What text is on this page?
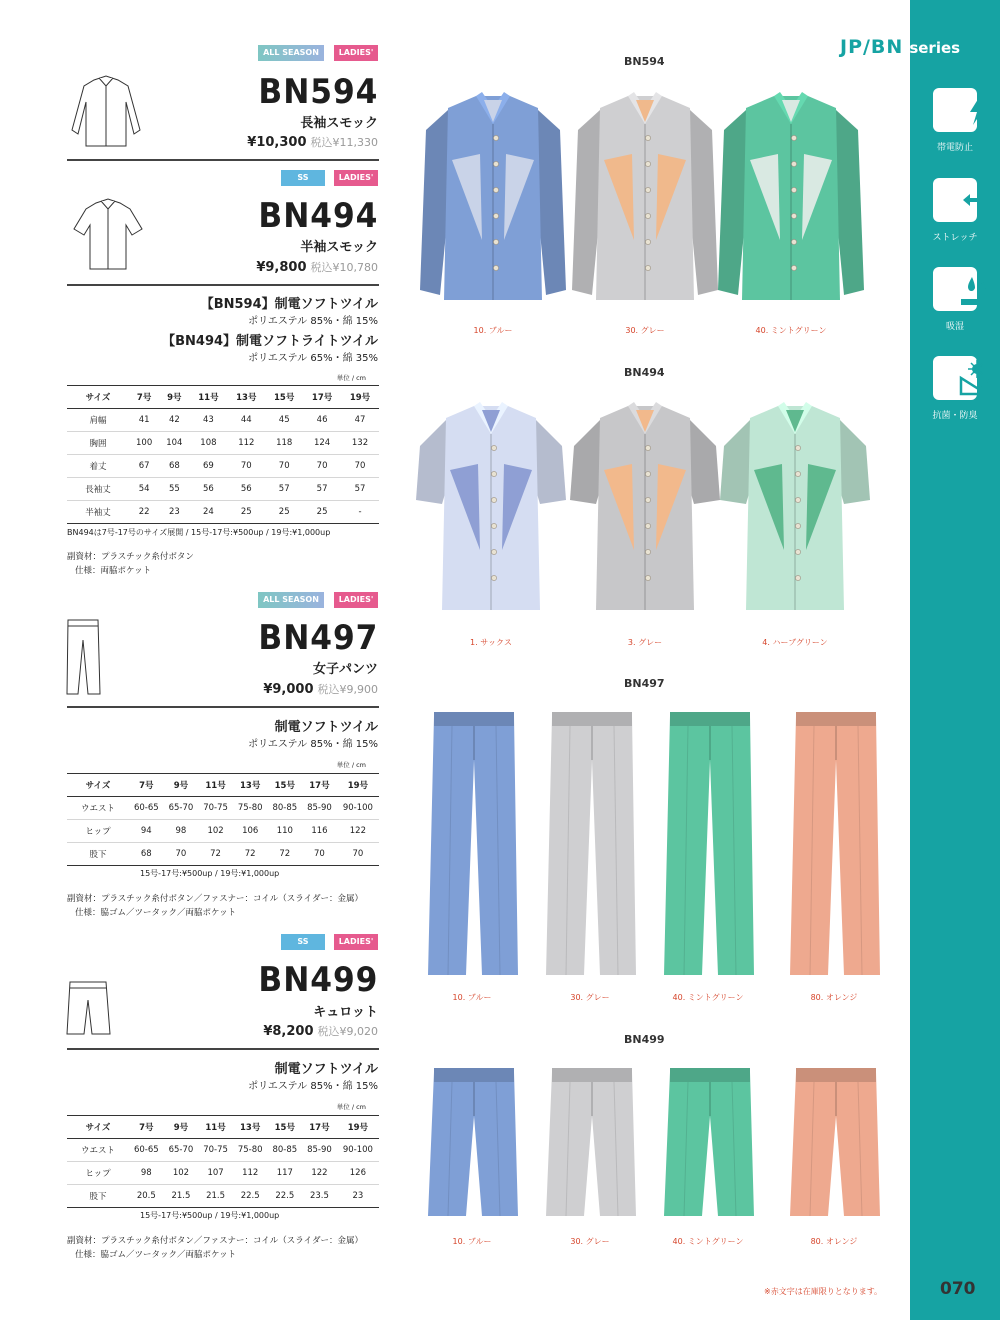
JP/BN series
帯電防止
ストレッチ
吸湿
抗菌・防臭
ALL SEASON	LADIES'
BN594
長袖スモック
¥10,300 税込¥11,330
SS	LADIES'
BN494
半袖スモック
¥9,800 税込¥10,780
【BN594】制電ソフトツイル
ポリエステル 85%・綿 15%
【BN494】制電ソフトライトツイル
ポリエステル 65%・綿 35%
単位 / cm
サイズ	7号	9号	11号	13号	15号	17号	19号
肩幅	41	42	43	44	45	46	47
胸囲	100	104	108	112	118	124	132
着丈	67	68	69	70	70	70	70
長袖丈	54	55	56	56	57	57	57
半袖丈	22	23	24	25	25	25	-
BN494は7号-17号のサイズ展開 / 15号-17号:¥500up / 19号:¥1,000up
副資材：プラスチック糸付ボタン
仕様：両脇ポケット
ALL SEASON	LADIES'
BN497
女子パンツ
¥9,000 税込¥9,900
制電ソフトツイル
ポリエステル 85%・綿 15%
単位 / cm
サイズ	7号	9号	11号	13号	15号	17号	19号
ウエスト	60-65	65-70	70-75	75-80	80-85	85-90	90-100
ヒップ	94	98	102	106	110	116	122
股下	68	70	72	72	72	70	70
15号-17号:¥500up / 19号:¥1,000up
副資材：プラスチック糸付ボタン／ファスナー：コイル（スライダー：金属）
仕様：脇ゴム／ツータック／両脇ポケット
SS	LADIES'
BN499
キュロット
¥8,200 税込¥9,020
制電ソフトツイル
ポリエステル 85%・綿 15%
単位 / cm
サイズ	7号	9号	11号	13号	15号	17号	19号
ウエスト	60-65	65-70	70-75	75-80	80-85	85-90	90-100
ヒップ	98	102	107	112	117	122	126
股下	20.5	21.5	21.5	22.5	22.5	23.5	23
15号-17号:¥500up / 19号:¥1,000up
副資材：プラスチック糸付ボタン／ファスナー：コイル（スライダー：金属）
仕様：脇ゴム／ツータック／両脇ポケット
BN594
10. ブルー	30. グレー	40. ミントグリーン
BN494
1. サックス	3. グレー	4. ハーブグリーン
BN497
10. ブルー	30. グレー	40. ミントグリーン	80. オレンジ
BN499
10. ブルー	30. グレー	40. ミントグリーン	80. オレンジ
※赤文字は在庫限りとなります。	070
